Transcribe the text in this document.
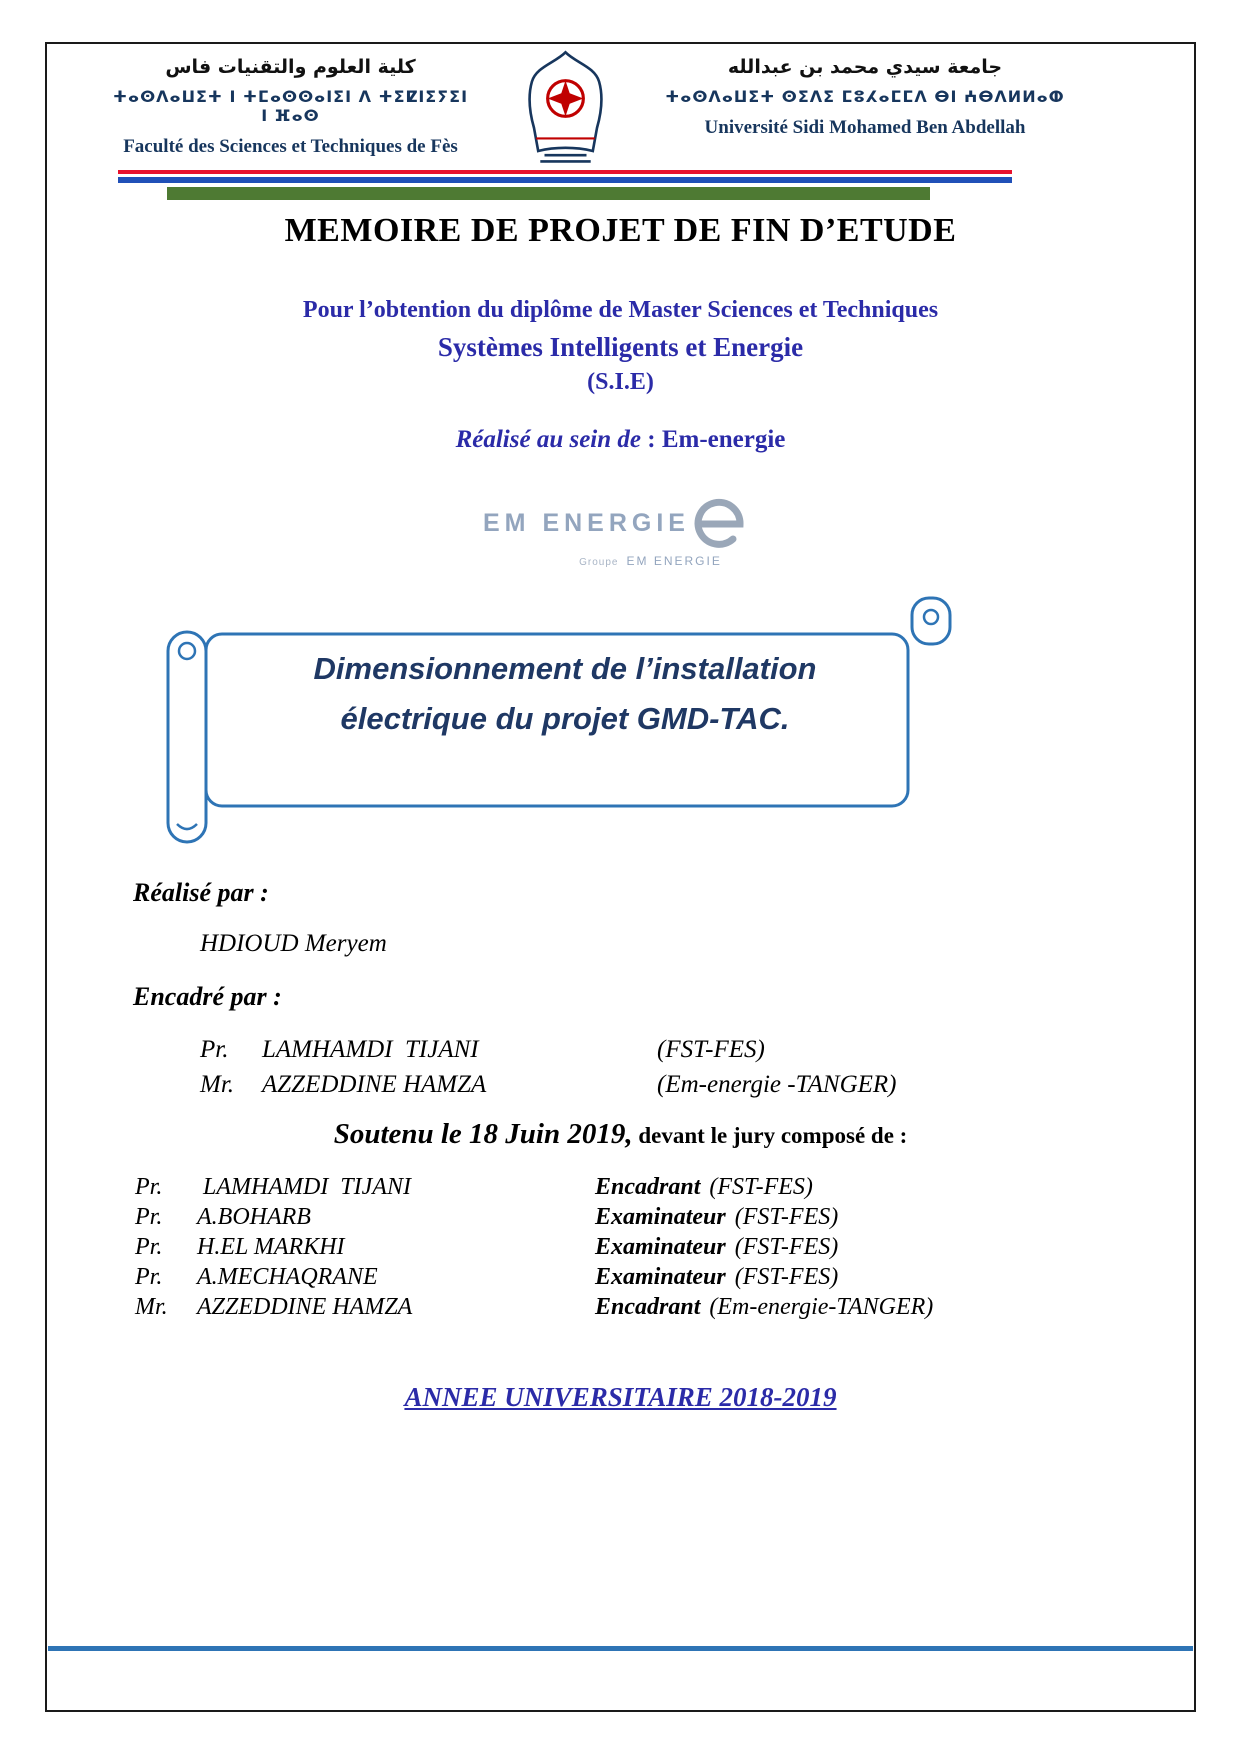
كلية العلوم والتقنيات فاس
ⵜⴰⵙⴷⴰⵡⵉⵜ ⵏ ⵜⵎⴰⵙⵙⴰⵏⵉⵏ ⴷ ⵜⵉⵇⵏⵉⵢⵉⵏ ⵏ ⴼⴰⵙ
Faculté des Sciences et Techniques de Fès
جامعة سيدي محمد بن عبدالله
ⵜⴰⵙⴷⴰⵡⵉⵜ ⵙⵉⴷⵉ ⵎⵓⵃⴰⵎⵎⴷ ⴱⵏ ⵄⴱⴷⵍⵍⴰⵀ
Université Sidi Mohamed Ben Abdellah
MEMOIRE DE PROJET DE FIN D’ETUDE
Pour l’obtention du diplôme de Master Sciences et Techniques
Systèmes Intelligents et Energie
(S.I.E)
Réalisé au sein de : Em-energie
EM ENERGIE
Groupe EM ENERGIE
Dimensionnement de l’installation
électrique du projet GMD-TAC.
Réalisé par :
HDIOUD Meryem
Encadré par :
Pr.	LAMHAMDI  TIJANI	(FST-FES)
Mr.	AZZEDDINE HAMZA	(Em-energie -TANGER)
Soutenu le 18 Juin 2019, devant le jury composé de :
Pr.	LAMHAMDI  TIJANI	Encadrant (FST-FES)
Pr.	A.BOHARB	Examinateur (FST-FES)
Pr.	H.EL MARKHI	Examinateur (FST-FES)
Pr.	A.MECHAQRANE	Examinateur (FST-FES)
Mr.	AZZEDDINE HAMZA	Encadrant (Em-energie-TANGER)
ANNEE UNIVERSITAIRE 2018-2019
